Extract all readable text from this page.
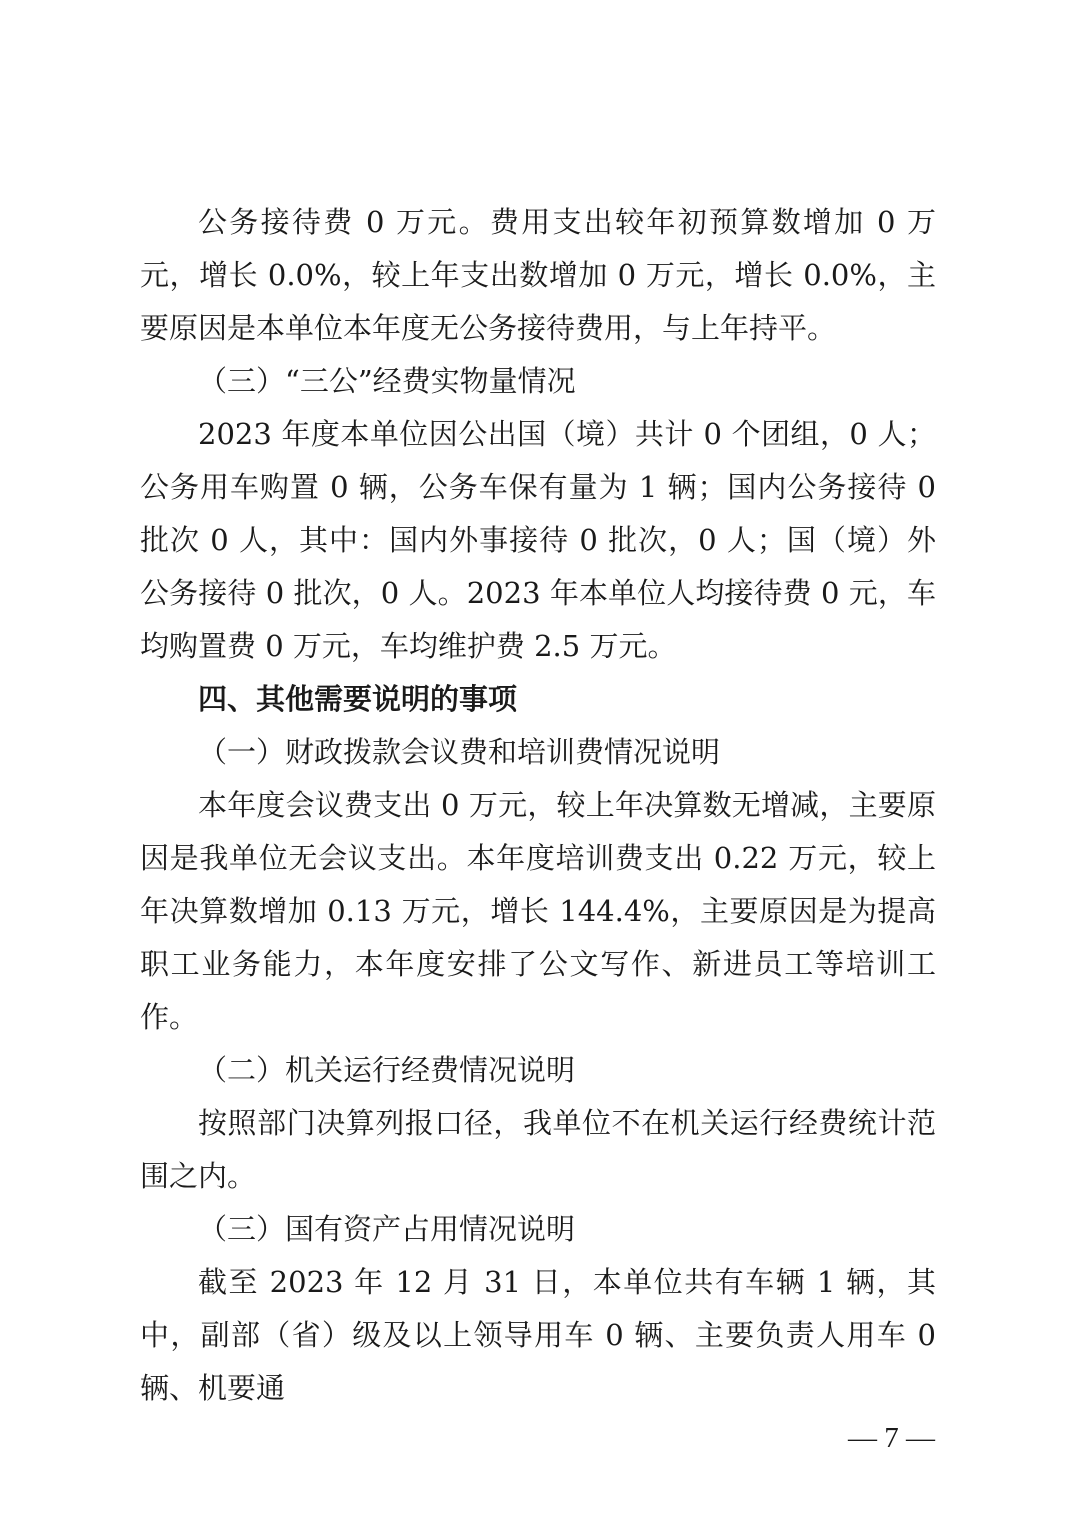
公务接待费 0 万元。费用支出较年初预算数增加 0 万元，增长 0.0%，较上年支出数增加 0 万元，增长 0.0%，主要原因是本单位本年度无公务接待费用，与上年持平。

（三）“三公”经费实物量情况

2023 年度本单位因公出国（境）共计 0 个团组，0 人；公务用车购置 0 辆，公务车保有量为 1 辆；国内公务接待 0 批次 0 人，其中：国内外事接待 0 批次，0 人；国（境）外公务接待 0 批次，0 人。2023 年本单位人均接待费 0 元，车均购置费 0 万元，车均维护费 2.5 万元。

四、其他需要说明的事项

（一）财政拨款会议费和培训费情况说明

本年度会议费支出 0 万元，较上年决算数无增减，主要原因是我单位无会议支出。本年度培训费支出 0.22 万元，较上年决算数增加 0.13 万元，增长 144.4%，主要原因是为提高职工业务能力，本年度安排了公文写作、新进员工等培训工作。

（二）机关运行经费情况说明

按照部门决算列报口径，我单位不在机关运行经费统计范围之内。

（三）国有资产占用情况说明

截至 2023 年 12 月 31 日，本单位共有车辆 1 辆，其中，副部（省）级及以上领导用车 0 辆、主要负责人用车 0 辆、机要通

— 7 —
